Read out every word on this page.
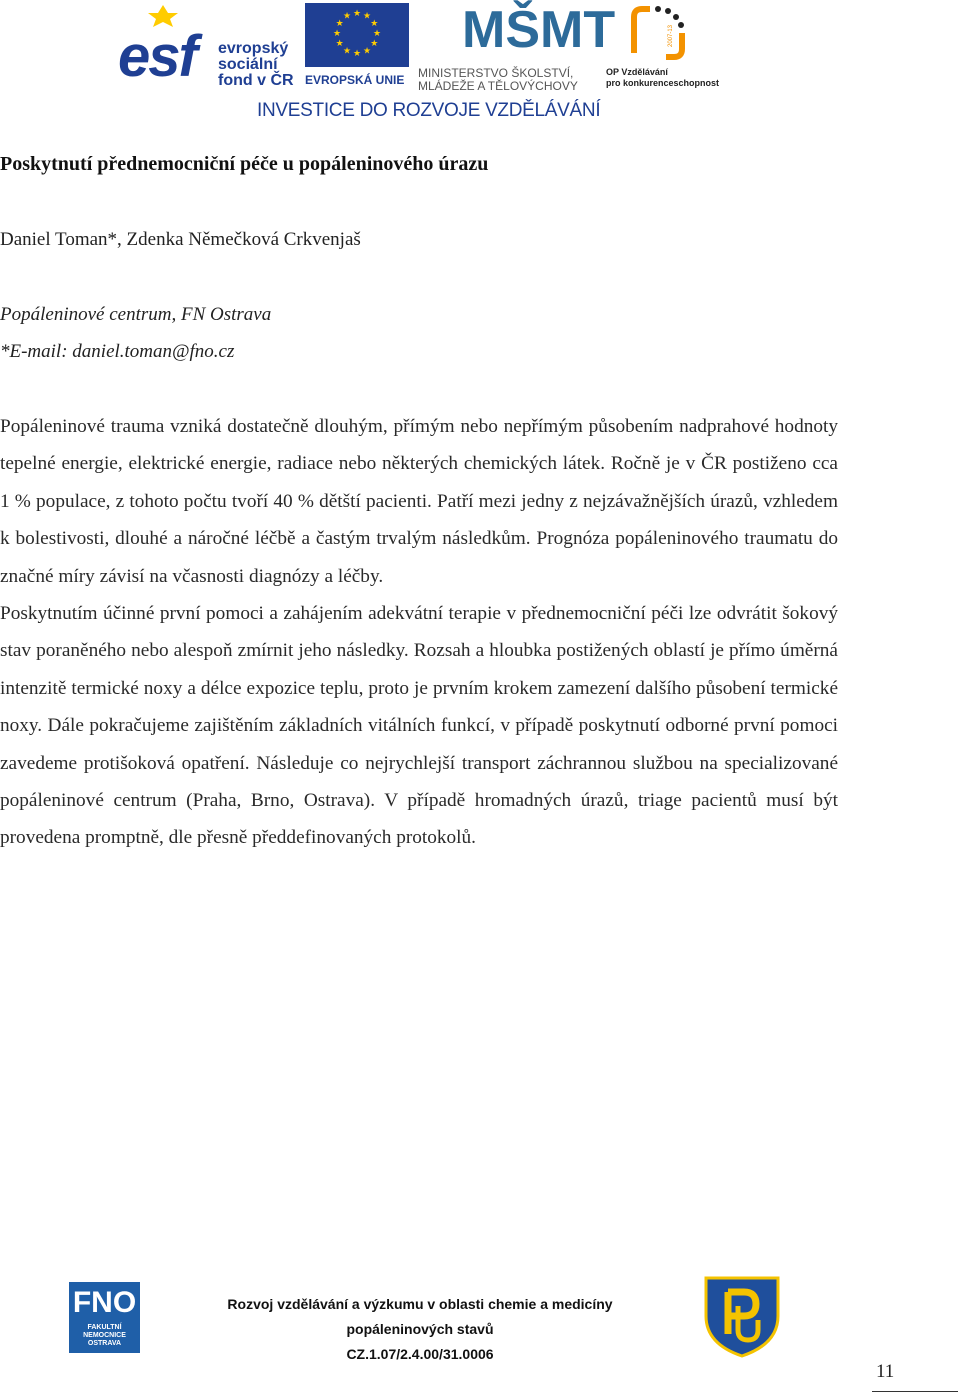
esf evropský
sociální
fond v ČR
★ ★
★
★
★
★
★
★
★
★
★
★
EVROPSKÁ UNIE
MŠMT
MINISTERSTVO ŠKOLSTVÍ,
MLÁDEŽE A TĚLOVÝCHOVY
2007-13
OP Vzdělávání
pro konkurenceschopnost
INVESTICE DO ROZVOJE VZDĚLÁVÁNÍ
Poskytnutí přednemocniční péče u popáleninového úrazu
Daniel Toman*, Zdenka Němečková Crkvenjaš
Popáleninové centrum, FN Ostrava
*E-mail: daniel.toman@fno.cz

Popáleninové trauma vzniká dostatečně dlouhým, přímým nebo nepřímým působením nadprahové hodnoty tepelné energie, elektrické energie, radiace nebo některých chemických látek. Ročně je v ČR postiženo cca 1 % populace, z tohoto počtu tvoří 40 % dětští pacienti. Patří mezi jedny z nejzávažnějších úrazů, vzhledem k bolestivosti, dlouhé a náročné léčbě a častým trvalým následkům. Prognóza popáleninového traumatu do značné míry závisí na včasnosti diagnózy a léčby.

Poskytnutím účinné první pomoci a zahájením adekvátní terapie v přednemocniční péči lze odvrátit šokový stav poraněného nebo alespoň zmírnit jeho následky. Rozsah a hloubka postižených oblastí je přímo úměrná intenzitě termické noxy a délce expozice teplu, proto je prvním krokem zamezení dalšího působení termické noxy. Dále pokračujeme zajištěním základních vitálních funkcí, v případě poskytnutí odborné první pomoci zavedeme protišoková opatření. Následuje co nejrychlejší transport záchrannou službou na specializované popáleninové centrum (Praha, Brno, Ostrava). V případě hromadných úrazů, triage pacientů musí být provedena promptně, dle přesně předdefinovaných protokolů.

FNO
FAKULTNÍ
NEMOCNICE
OSTRAVA
Rozvoj vzdělávání a výzkumu v oblasti chemie a medicíny
popáleninových stavů
CZ.1.07/2.4.00/31.0006
11
